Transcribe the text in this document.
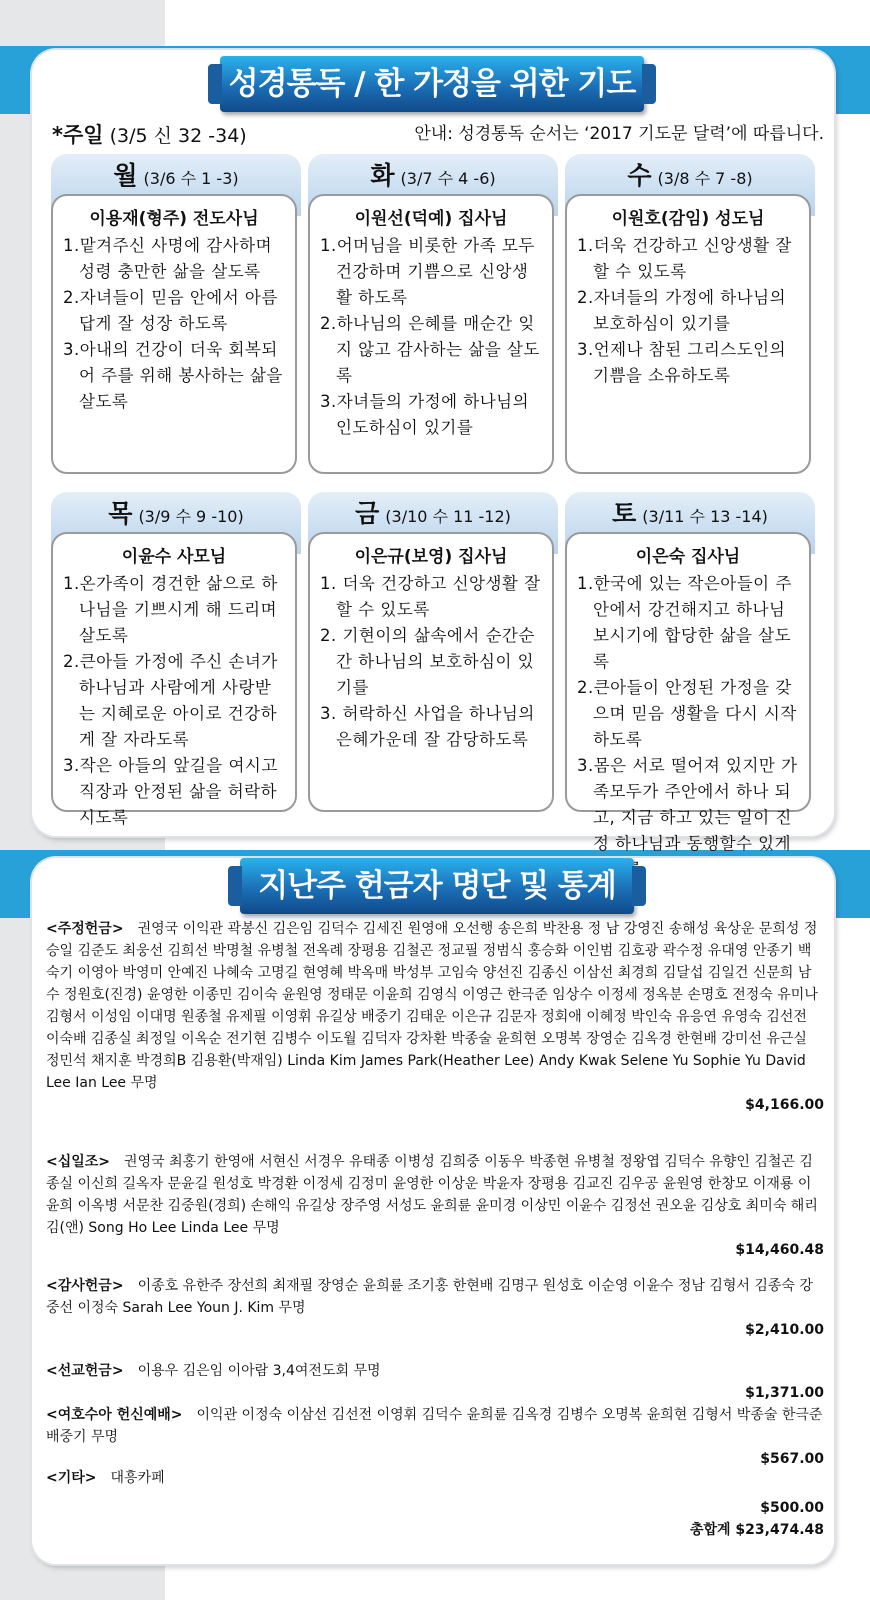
성경통독 / 한 가정을 위한 기도
*주일 (3/5 신 32 -34)	안내: 성경통독 순서는 ‘2017 기도문 달력’에 따릅니다.
월 (3/6 수 1 -3)
이용재(형주) 전도사님
1.맡겨주신 사명에 감사하며 성령 충만한 삶을 살도록
2.자녀들이 믿음 안에서 아름답게 잘 성장 하도록
3.아내의 건강이 더욱 회복되어 주를 위해 봉사하는 삶을 살도록
화 (3/7 수 4 -6)
이원선(덕예) 집사님
1.어머님을 비롯한 가족 모두 건강하며 기쁨으로 신앙생활 하도록
2.하나님의 은혜를 매순간 잊지 않고 감사하는 삶을 살도록
3.자녀들의 가정에 하나님의 인도하심이 있기를
수 (3/8 수 7 -8)
이원호(감임) 성도님
1.더욱 건강하고 신앙생활 잘 할 수 있도록
2.자녀들의 가정에 하나님의 보호하심이 있기를
3.언제나 참된 그리스도인의 기쁨을 소유하도록
목 (3/9 수 9 -10)
이윤수 사모님
1.온가족이 경건한 삶으로 하나님을 기쁘시게 해 드리며 살도록
2.큰아들 가정에 주신 손녀가 하나님과 사람에게 사랑받는 지혜로운 아이로 건강하게 잘 자라도록
3.작은 아들의 앞길을 여시고 직장과 안정된 삶을 허락하시도록
금 (3/10 수 11 -12)
이은규(보영) 집사님
1. 더욱 건강하고 신앙생활 잘 할 수 있도록
2. 기현이의 삶속에서 순간순간 하나님의 보호하심이 있기를
3. 허락하신 사업을 하나님의 은혜가운데 잘 감당하도록
토 (3/11 수 13 -14)
이은숙 집사님
1.한국에 있는 작은아들이 주안에서 강건해지고 하나님 보시기에 합당한 삶을 살도록
2.큰아들이 안정된 가정을 갖으며 믿음 생활을 다시 시작하도록
3.몸은 서로 떨어져 있지만 가족모두가 주안에서 하나 되고, 지금 하고 있는 일이 진정 하나님과 동행할수 있게
지난주 헌금자 명단 및 통계
<주정헌금> 권영국 이익관 곽봉신 김은임 김덕수 김세진 원영애 오선행 송은희 박찬용 정 남 강영진 송해성 육상운 문희성 정승일 김준도 최웅선 김희선 박명철 유병철 전옥례 장평용 김철곤 정교필 정범식 홍승화 이인범 김호광 곽수정 유대영 안종기 백숙기 이영아 박영미 안예진 나혜숙 고명길 현영혜 박옥매 박성부 고임숙 양선진 김종신 이삼선 최경희 김달섭 김일건 신문희 남 수 정원호(진경) 윤영한 이종민 김이숙 윤원영 정태문 이윤희 김영식 이영근 한극준 임상수 이정세 정옥분 손명호 전정숙 유미나 김형서 이성임 이대명 원종철 유제필 이영휘 유길상 배중기 김태운 이은규 김문자 정회애 이혜정 박인숙 유응연 유영숙 김선전 이숙배 김종실 최정일 이옥순 전기현 김병수 이도월 김덕자 강차환 박종술 윤희현 오명복 장영순 김옥경 한현배 강미선 유근실 정민석 채지훈 박경희B 김용환(박재임) Linda Kim James Park(Heather Lee) Andy Kwak Selene Yu Sophie Yu David Lee Ian Lee 무명
$4,166.00
<십일조> 권영국 최홍기 한영애 서현신 서경우 유태종 이병성 김희중 이동우 박종현 유병철 정왕엽 김덕수 유향인 김철곤 김종실 이신희 길옥자 문윤길 원성호 박경환 이정세 김정미 윤영한 이상운 박윤자 장평용 김교진 김우공 윤원영 한창모 이재룡 이윤희 이옥병 서문찬 김중원(경희) 손해익 유길상 장주영 서성도 윤희륜 윤미경 이상민 이윤수 김정선 권오윤 김상호 최미숙 해리김(앤) Song Ho Lee Linda Lee 무명
$14,460.48
<감사헌금> 이종호 유한주 장선희 최재필 장영순 윤희륜 조기홍 한현배 김명구 원성호 이순영 이윤수 정남 김형서 김종숙 강중선 이정숙 Sarah Lee Youn J. Kim 무명
$2,410.00
<선교헌금> 이용우 김은임 이아람 3,4여전도회 무명
$1,371.00
<여호수아 헌신예배> 이익관 이정숙 이삼선 김선전 이영휘 김덕수 윤희륜 김옥경 김병수 오명복 윤희현 김형서 박종술 한극준 배중기 무명
$567.00
<기타> 대흥카페
$500.00
총합계 $23,474.48
